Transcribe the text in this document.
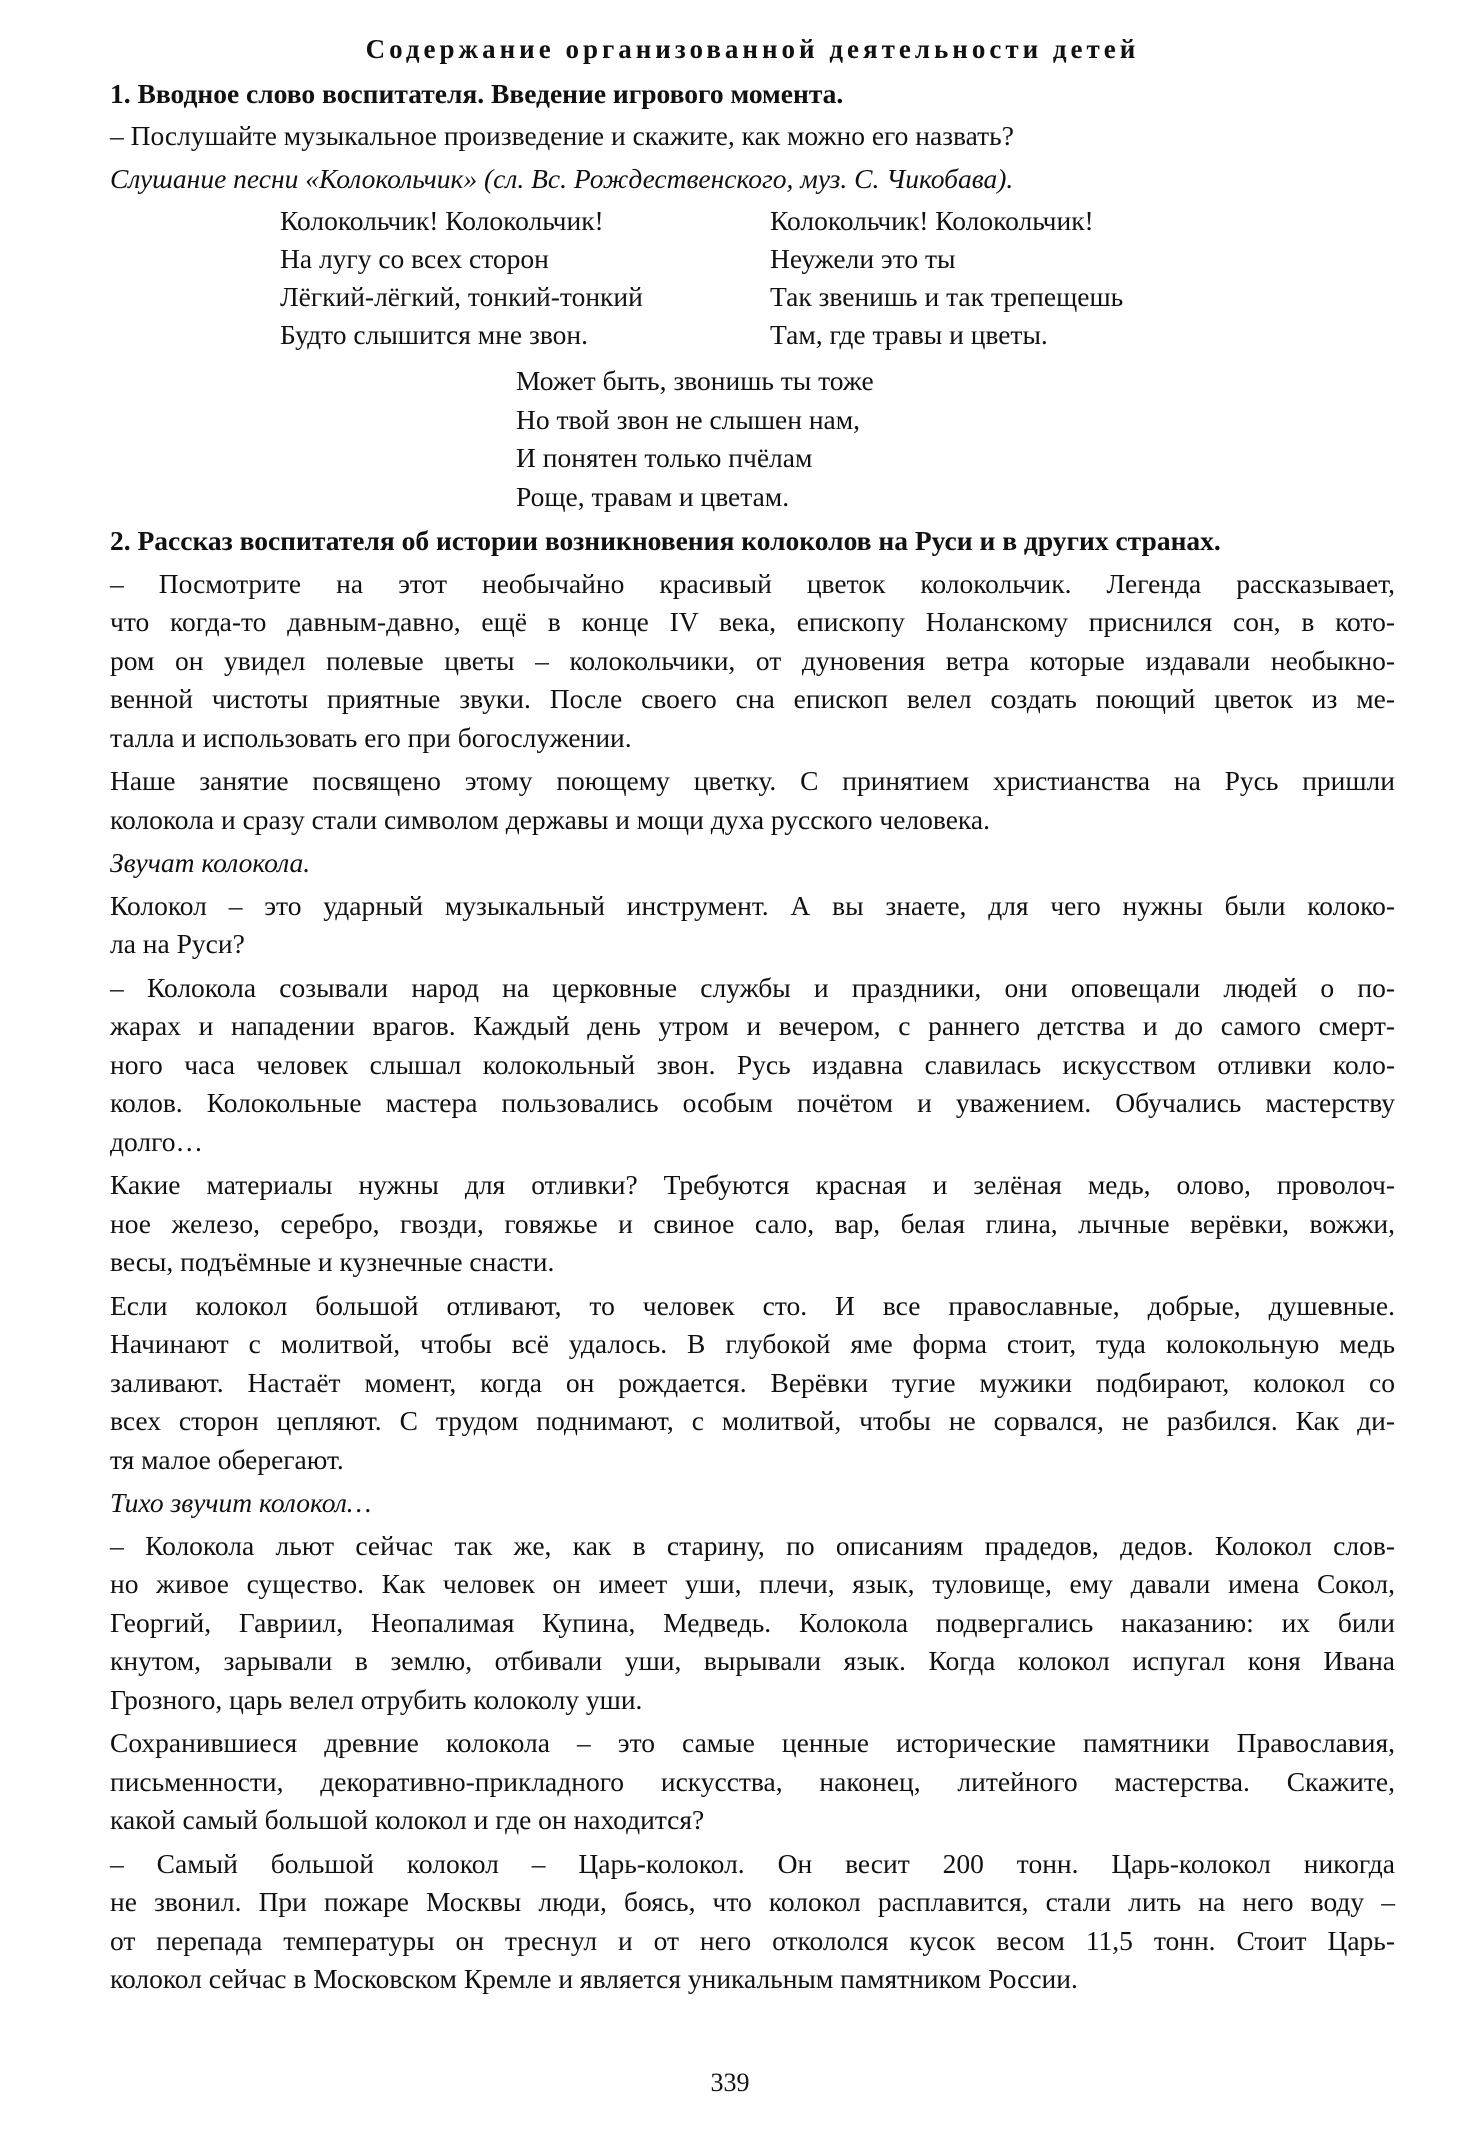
Содержание организованной деятельности детей
1. Вводное слово воспитателя. Введение игрового момента.
– Послушайте музыкальное произведение и скажите, как можно его назвать?
Слушание песни «Колокольчик» (сл. Вс. Рождественского, муз. С. Чикобава).
Колокольчик! Колокольчик!
На лугу со всех сторон
Лёгкий-лёгкий, тонкий-тонкий
Будто слышится мне звон.
Колокольчик! Колокольчик!
Неужели это ты
Так звенишь и так трепещешь
Там, где травы и цветы.
Может быть, звонишь ты тоже
Но твой звон не слышен нам,
И понятен только пчёлам
Роще, травам и цветам.
2. Рассказ воспитателя об истории возникновения колоколов на Руси и в других странах.

– Посмотрите на этот необычайно красивый цветок колокольчик. Легенда рассказывает,
что когда-то давным-давно, ещё в конце IV века, епископу Ноланскому приснился сон, в кото-
ром он увидел полевые цветы – колокольчики, от дуновения ветра которые издавали необыкно-
венной чистоты приятные звуки. После своего сна епископ велел создать поющий цветок из ме-
талла и использовать его при богослужении.

Наше занятие посвящено этому поющему цветку. С принятием христианства на Русь пришли
колокола и сразу стали символом державы и мощи духа русского человека.

Звучат колокола.

Колокол – это ударный музыкальный инструмент. А вы знаете, для чего нужны были колоко-
ла на Руси?

– Колокола созывали народ на церковные службы и праздники, они оповещали людей о по-
жарах и нападении врагов. Каждый день утром и вечером, с раннего детства и до самого смерт-
ного часа человек слышал колокольный звон. Русь издавна славилась искусством отливки коло-
колов. Колокольные мастера пользовались особым почётом и уважением. Обучались мастерству
долго…

Какие материалы нужны для отливки? Требуются красная и зелёная медь, олово, проволоч-
ное железо, серебро, гвозди, говяжье и свиное сало, вар, белая глина, лычные верёвки, вожжи,
весы, подъёмные и кузнечные снасти.

Если колокол большой отливают, то человек сто. И все православные, добрые, душевные.
Начинают с молитвой, чтобы всё удалось. В глубокой яме форма стоит, туда колокольную медь
заливают. Настаёт момент, когда он рождается. Верёвки тугие мужики подбирают, колокол со
всех сторон цепляют. С трудом поднимают, с молитвой, чтобы не сорвался, не разбился. Как ди-
тя малое оберегают.

Тихо звучит колокол…

– Колокола льют сейчас так же, как в старину, по описаниям прадедов, дедов. Колокол слов-
но живое существо. Как человек он имеет уши, плечи, язык, туловище, ему давали имена Сокол,
Георгий, Гавриил, Неопалимая Купина, Медведь. Колокола подвергались наказанию: их били
кнутом, зарывали в землю, отбивали уши, вырывали язык. Когда колокол испугал коня Ивана
Грозного, царь велел отрубить колоколу уши.

Сохранившиеся древние колокола – это самые ценные исторические памятники Православия,
письменности, декоративно-прикладного искусства, наконец, литейного мастерства. Скажите,
какой самый большой колокол и где он находится?

– Самый большой колокол – Царь-колокол. Он весит 200 тонн. Царь-колокол никогда
не звонил. При пожаре Москвы люди, боясь, что колокол расплавится, стали лить на него воду –
от перепада температуры он треснул и от него откололся кусок весом 11,5 тонн. Стоит Царь-
колокол сейчас в Московском Кремле и является уникальным памятником России.

339
